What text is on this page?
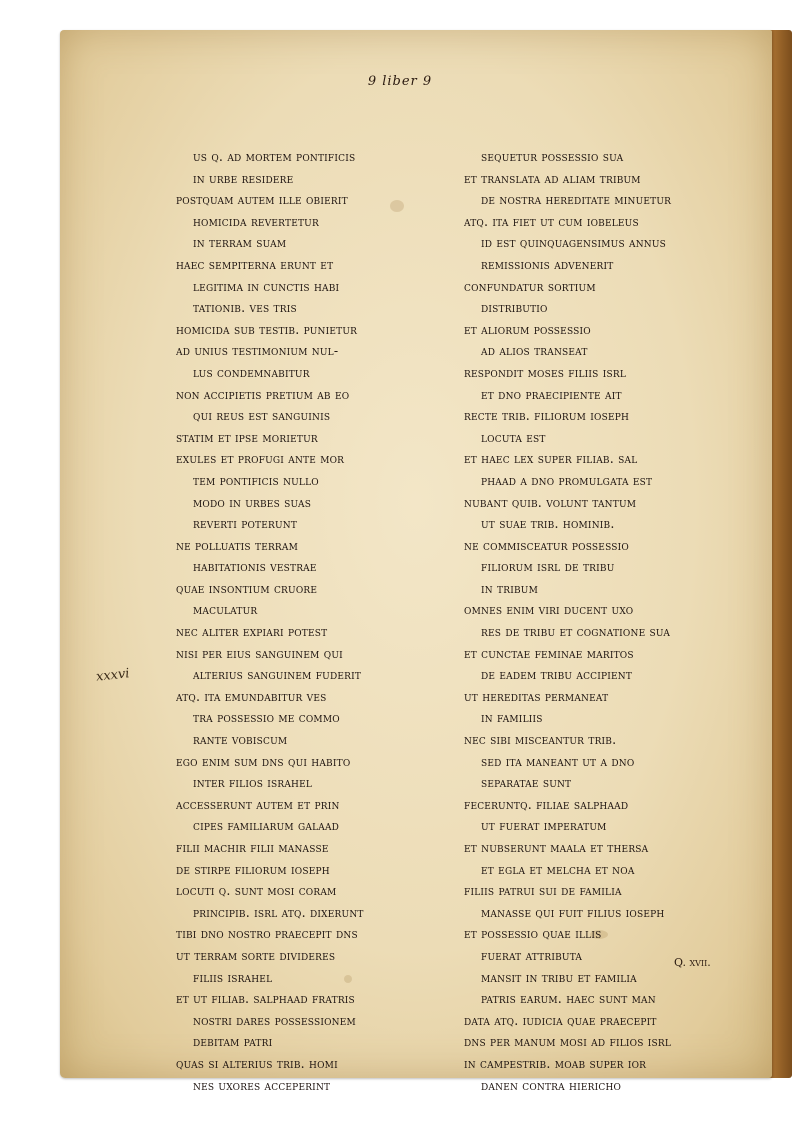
9 liber 9
us q. ad mortem pontificis
in urbe residere
postquam autem ille obierit
homicida revertetur
in terram suam
haec sempiterna erunt et
legitima in cunctis habi
tationib. ves tris
homicida sub testib. punietur
ad unius testimonium nul-
lus condemnabitur
non accipietis pretium ab eo
qui reus est sanguinis
statim et ipse morietur
exules et profugi ante mor
tem pontificis nullo
modo in urbes suas
reverti poterunt
ne polluatis terram
habitationis vestrae
quae insontium cruore
maculatur
nec aliter expiari potest
nisi per eius sanguinem qui
alterius sanguinem fuderit
atq. ita emundabitur ves
tra possessio me commo
rante vobiscum
ego enim sum dns qui habito
inter filios israhel
accesserunt autem et prin
cipes familiarum galaad
filii machir filii manasse
de stirpe filiorum ioseph
locuti q. sunt mosi coram
principib. isrl atq. dixerunt
tibi dno nostro praecepit dns
ut terram sorte divideres
filiis israhel
et ut filiab. salphaad fratris
nostri dares possessionem
debitam patri
quas si alterius trib. homi
nes uxores acceperint
sequetur possessio sua
et translata ad aliam tribum
de nostra hereditate minuetur
atq. ita fiet ut cum iobeleus
id est quinquagensimus annus
remissionis advenerit
confundatur sortium
distributio
et aliorum possessio
ad alios transeat
respondit moses filiis isrl
et dno praecipiente ait
recte trib. filiorum ioseph
locuta est
et haec lex super filiab. sal
phaad a dno promulgata est
nubant quib. volunt tantum
ut suae trib. hominib.
ne commisceatur possessio
filiorum isrl de tribu
in tribum
omnes enim viri ducent uxo
res de tribu et cognatione sua
et cunctae feminae maritos
de eadem tribu accipient
ut hereditas permaneat
in familiis
nec sibi misceantur trib.
sed ita maneant ut a dno
separatae sunt
feceruntq. filiae salphaad
ut fuerat imperatum
et nubserunt maala et thersa
et egla et melcha et noa
filiis patrui sui de familia
manasse qui fuit filius ioseph
et possessio quae illis
fuerat attributa
mansit in tribu et familia
patris earum. haec sunt man
data atq. iudicia quae praecepit
dns per manum mosi ad filios isrl
in campestrib. moab super ior
danen contra hiericho
xxxvi
Q. xvii.
